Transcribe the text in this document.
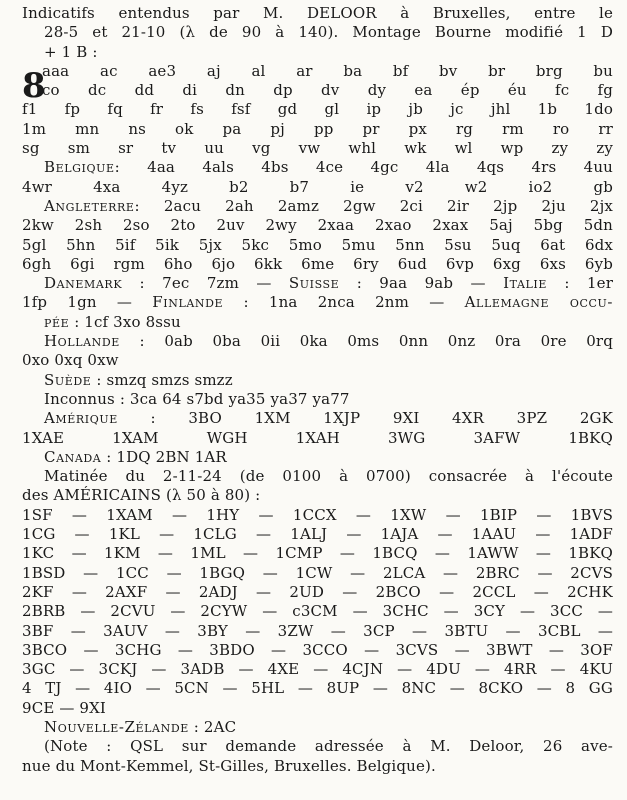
Indicatifs entendus par M. DELOOR à Bruxelles, entre le
28-5 et 21-10 (λ de 90 à 140). Montage Bourne modifié 1 D
+ 1 B :
8
aaa ac ae3 aj al ar ba bf bv br brg bu
co dc dd di dn dp dv dy ea ép éu fc fg
f1 fp fq fr fs fsf gd gl ip jb jc jhl 1b 1do
1m mn ns ok pa pj pp pr px rg rm ro rr
sg sm sr tv uu vg vw whl wk wl wp zy zy
Belgique: 4aa 4als 4bs 4ce 4gc 4la 4qs 4rs 4uu
4wr 4xa 4yz b2 b7 ie v2 w2 io2 gb
Angleterre: 2acu 2ah 2amz 2gw 2ci 2ir 2jp 2ju 2jx
2kw 2sh 2so 2to 2uv 2wy 2xaa 2xao 2xax 5aj 5bg 5dn
5gl 5hn 5if 5ik 5jx 5kc 5mo 5mu 5nn 5su 5uq 6at 6dx
6gh 6gi rgm 6ho 6jo 6kk 6me 6ry 6ud 6vp 6xg 6xs 6yb
Danemark : 7ec 7zm — Suisse : 9aa 9ab — Italie : 1er
1fp 1gn — Finlande : 1na 2nca 2nm — Allemagne occu-
pée : 1cf 3xo 8ssu
Hollande : 0ab 0ba 0ii 0ka 0ms 0nn 0nz 0ra 0re 0rq
0xo 0xq 0xw
Suède : smzq smzs smzz
Inconnus : 3ca 64 s7bd ya35 ya37 ya77
Amérique : 3BO 1XM 1XJP 9XI 4XR 3PZ 2GK
1XAE 1XAM WGH 1XAH 3WG 3AFW 1BKQ
Canada : 1DQ 2BN 1AR
Matinée du 2-11-24 (de 0100 à 0700) consacrée à l'écoute
des AMÉRICAINS (λ 50 à 80) :
1SF — 1XAM — 1HY — 1CCX — 1XW — 1BIP — 1BVS
1CG — 1KL — 1CLG — 1ALJ — 1AJA — 1AAU — 1ADF
1KC — 1KM — 1ML — 1CMP — 1BCQ — 1AWW — 1BKQ
1BSD — 1CC — 1BGQ — 1CW — 2LCA — 2BRC — 2CVS
2KF — 2AXF — 2ADJ — 2UD — 2BCO — 2CCL — 2CHK
2BRB — 2CVU — 2CYW — c3CM — 3CHC — 3CY — 3CC —
3BF — 3AUV — 3BY — 3ZW — 3CP — 3BTU — 3CBL —
3BCO — 3CHG — 3BDO — 3CCO — 3CVS — 3BWT — 3OF
3GC — 3CKJ — 3ADB — 4XE — 4CJN — 4DU — 4RR — 4KU
4 TJ — 4IO — 5CN — 5HL — 8UP — 8NC — 8CKO — 8 GG
9CE — 9XI
Nouvelle-Zélande : 2AC
(Note : QSL sur demande adressée à M. Deloor, 26 ave-
nue du Mont-Kemmel, St-Gilles, Bruxelles. Belgique).
